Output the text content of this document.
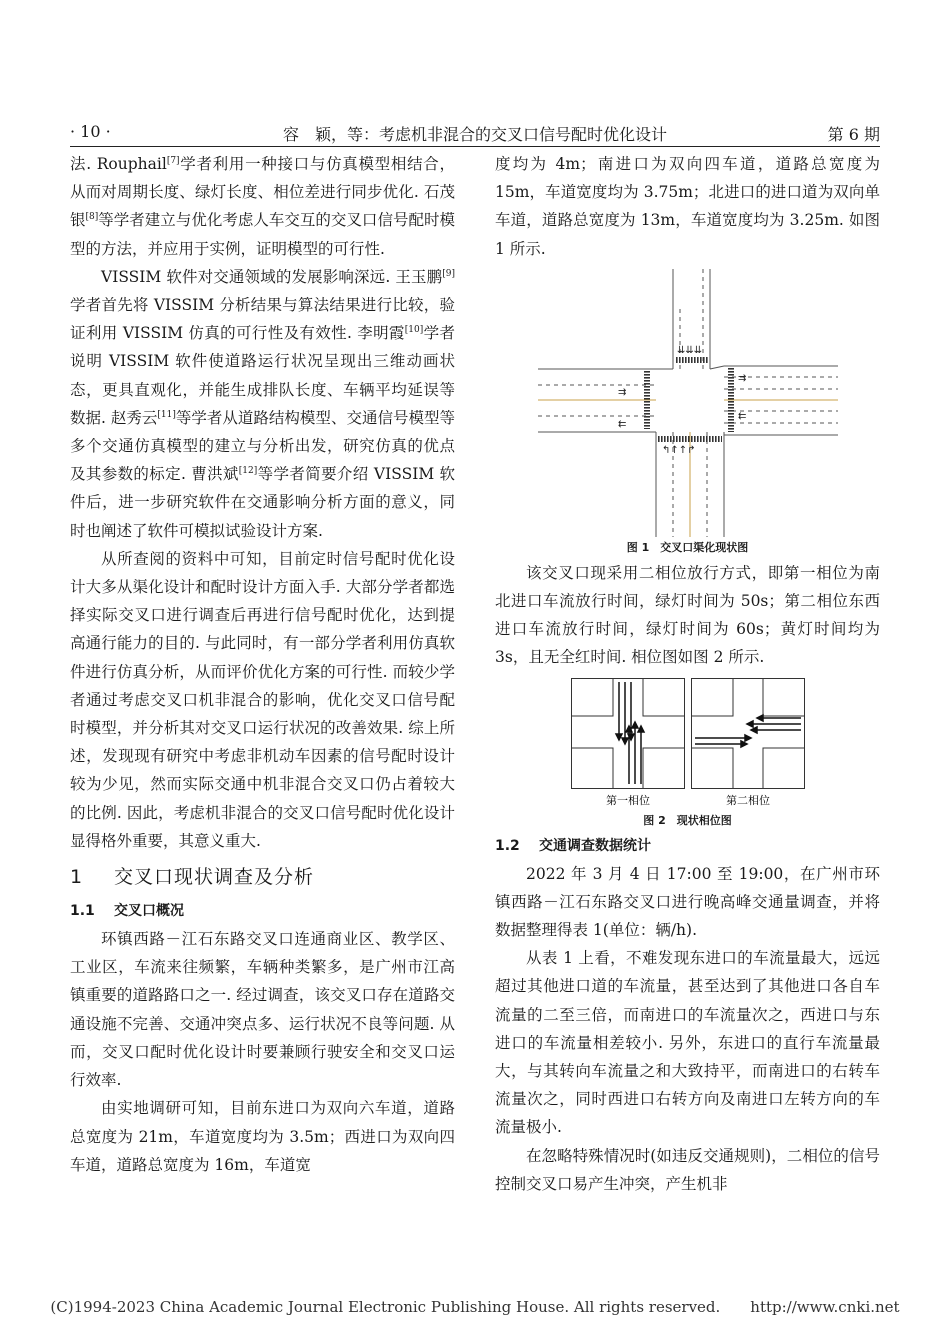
· 10 ·	容　颖，等：考虑机非混合的交叉口信号配时优化设计	第 6 期

法. Rouphail[7]学者利用一种接口与仿真模型相结合，从而对周期长度、绿灯长度、相位差进行同步优化. 石茂银[8]等学者建立与优化考虑人车交互的交叉口信号配时模型的方法，并应用于实例，证明模型的可行性.

VISSIM 软件对交通领域的发展影响深远. 王玉鹏[9]学者首先将 VISSIM 分析结果与算法结果进行比较，验证利用 VISSIM 仿真的可行性及有效性. 李明霞[10]学者说明 VISSIM 软件使道路运行状况呈现出三维动画状态，更具直观化，并能生成排队长度、车辆平均延误等数据. 赵秀云[11]等学者从道路结构模型、交通信号模型等多个交通仿真模型的建立与分析出发，研究仿真的优点及其参数的标定. 曹洪斌[12]等学者简要介绍 VISSIM 软件后，进一步研究软件在交通影响分析方面的意义，同时也阐述了软件可模拟试验设计方案.

从所查阅的资料中可知，目前定时信号配时优化设计大多从渠化设计和配时设计方面入手. 大部分学者都选择实际交叉口进行调查后再进行信号配时优化，达到提高通行能力的目的. 与此同时，有一部分学者利用仿真软件进行仿真分析，从而评价优化方案的可行性. 而较少学者通过考虑交叉口机非混合的影响，优化交叉口信号配时模型，并分析其对交叉口运行状况的改善效果. 综上所述，发现现有研究中考虑非机动车因素的信号配时设计较为少见，然而实际交通中机非混合交叉口仍占着较大的比例. 因此，考虑机非混合的交叉口信号配时优化设计显得格外重要，其意义重大.

1 交叉口现状调查及分析
1.1 交叉口概况

环镇西路－江石东路交叉口连通商业区、教学区、工业区，车流来往频繁，车辆种类繁多，是广州市江高镇重要的道路路口之一. 经过调查，该交叉口存在道路交通设施不完善、交通冲突点多、运行状况不良等问题. 从而，交叉口配时优化设计时要兼顾行驶安全和交叉口运行效率.

由实地调研可知，目前东进口为双向六车道，道路总宽度为 21m，车道宽度均为 3.5m；西进口为双向四车道，道路总宽度为 16m，车道宽

度均为 4m；南进口为双向四车道，道路总宽度为 15m，车道宽度均为 3.75m；北进口的进口道为双向单车道，道路总宽度为 13m，车道宽度均为 3.25m. 如图 1 所示.

⇊⇊⇊
↰↑↑↱
⇉
⇇
⇉
⇇
图 1　交叉口渠化现状图

该交叉口现采用二相位放行方式，即第一相位为南北进口车流放行时间，绿灯时间为 50s；第二相位东西进口车流放行时间，绿灯时间为 60s；黄灯时间均为 3s，且无全红时间. 相位图如图 2 所示.

第一相位	第二相位
图 2　现状相位图
1.2 交通调查数据统计

2022 年 3 月 4 日 17:00 至 19:00，在广州市环镇西路－江石东路交叉口进行晚高峰交通量调查，并将数据整理得表 1(单位：辆/h).

从表 1 上看，不难发现东进口的车流量最大，远远超过其他进口道的车流量，甚至达到了其他进口各自车流量的二至三倍，而南进口的车流量次之，西进口与东进口的车流量相差较小. 另外，东进口的直行车流量最大，与其转向车流量之和大致持平，而南进口的右转车流量次之，同时西进口右转方向及南进口左转方向的车流量极小.

在忽略特殊情况时(如违反交通规则)，二相位的信号控制交叉口易产生冲突，产生机非

(C)1994-2023 China Academic Journal Electronic Publishing House. All rights reserved.　　http://www.cnki.net
